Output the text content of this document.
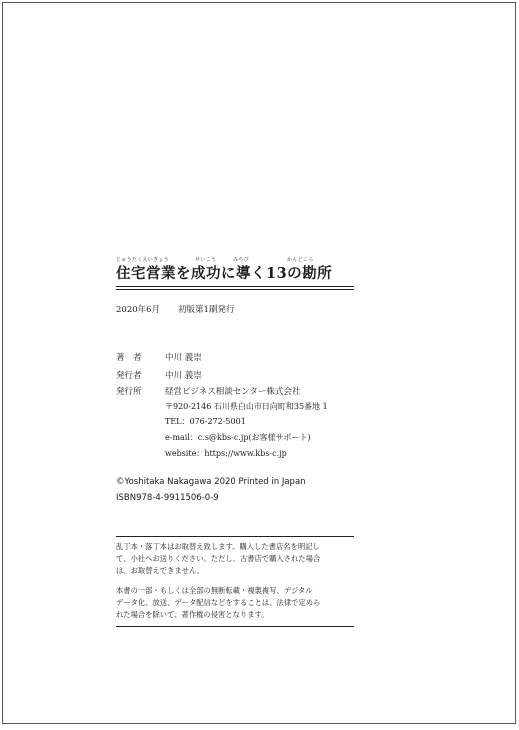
じゅうたくえいぎょう	せいこう	みちび	かんどころ
住宅営業を成功に導く13の勘所
2020年6月 初版第1刷発行
著　者	中川 義崇
発行者	中川 義崇
発行所	経営ビジネス相談センター株式会社
〒920-2146 石川県白山市日向町和35番地 1
TEL：076-272-5001
e-mail：c.s@kbs-c.jp(お客様サポート)
website：https://www.kbs-c.jp
©Yoshitaka Nakagawa 2020 Printed in Japan
ISBN978-4-9911506-0-9
乱丁本・落丁本はお取替え致します。購入した書店名を明記し
て、小社へお送りください。ただし、古書店で購入された場合
は、お取替えできません。
本書の一部・もしくは全部の無断転載・複製複写、デジタル
データ化、放送、データ配信などをすることは、法律で定めら
れた場合を除いて、著作権の侵害となります。
